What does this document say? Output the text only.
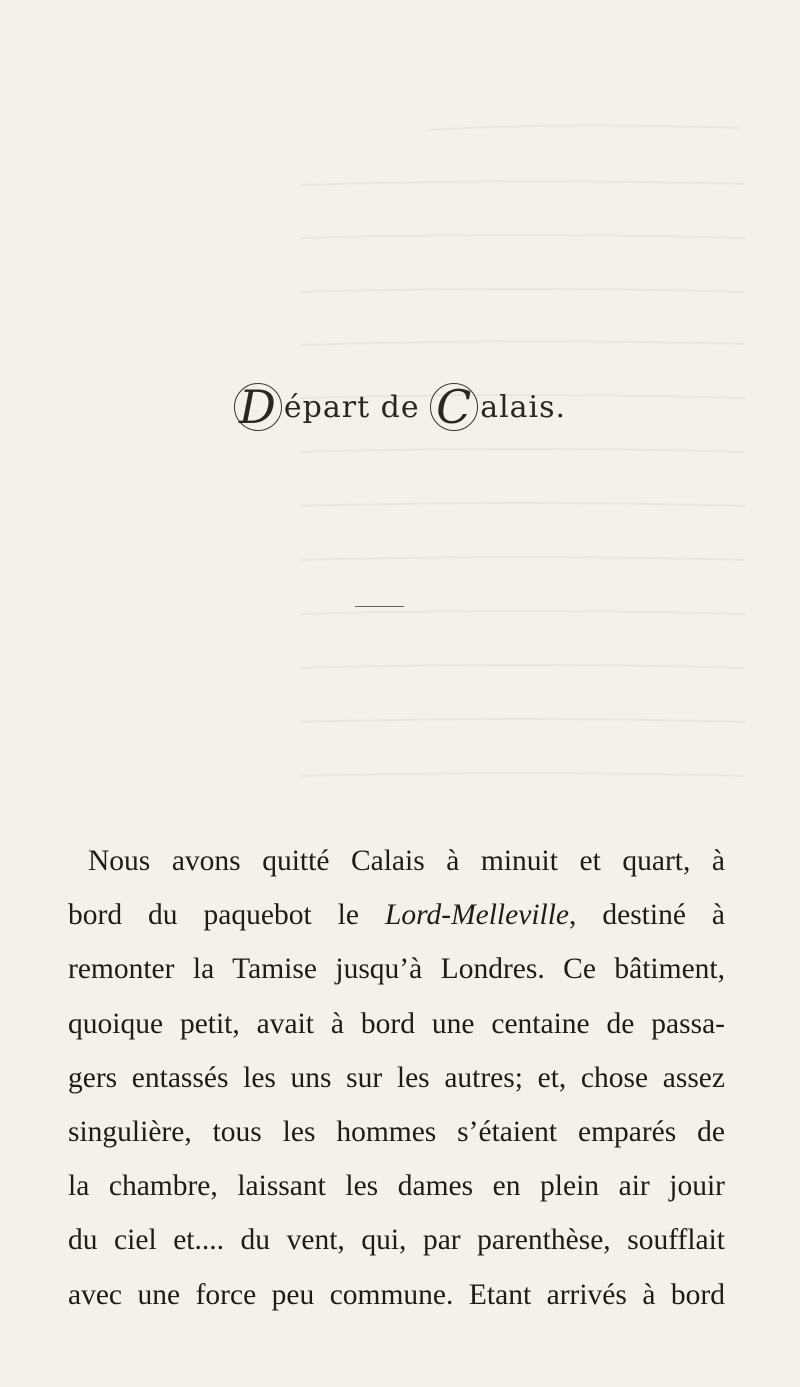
D épart de C alais.
Nous avons quitté Calais à minuit et quart, à
bord du paquebot le Lord-Melleville, destiné à
remonter la Tamise jusqu’à Londres. Ce bâtiment,
quoique petit, avait à bord une centaine de passa-
gers entassés les uns sur les autres; et, chose assez
singulière, tous les hommes s’étaient emparés de
la chambre, laissant les dames en plein air jouir
du ciel et.... du vent, qui, par parenthèse, soufflait
avec une force peu commune. Etant arrivés à bord
